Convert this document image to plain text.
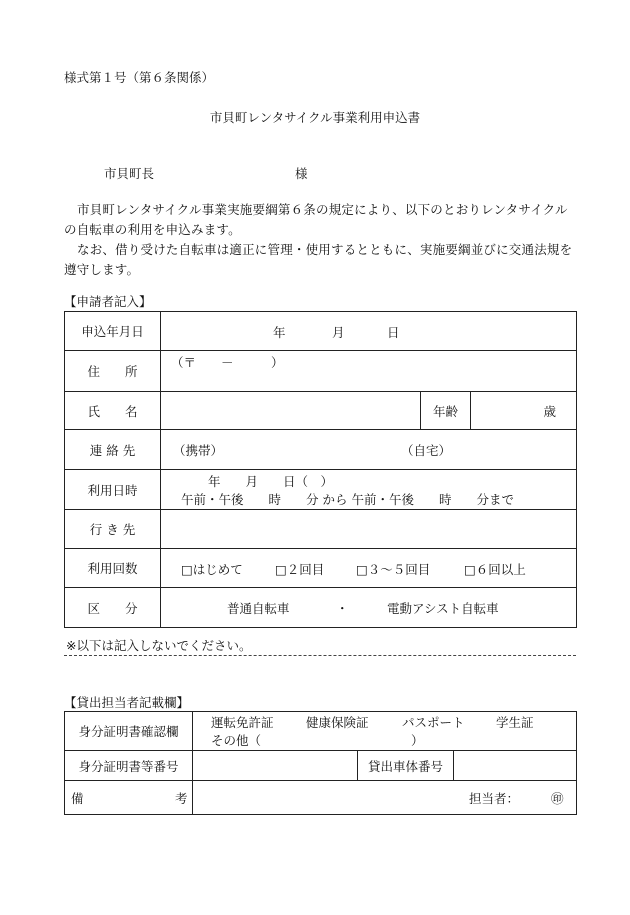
様式第１号（第６条関係）
市貝町レンタサイクル事業利用申込書
市貝町長	様
市貝町レンタサイクル事業実施要綱第６条の規定により、以下のとおりレンタサイクルの自転車の利用を申込みます。
なお、借り受けた自転車は適正に管理・使用するとともに、実施要綱並びに交通法規を遵守します。
【申請者記入】
申込年月日	年 月 日		

住　　所	（〒　　－　　　）		

氏　　名		年齢	歳
連 絡 先	（携帯） （自宅）		

利用日時	年　　月　　日（　）
午前・午後　　時　　分 から 午前・午後　　時　　分まで		

行 き 先			
利用回数	□はじめて □２回目 □３～５回目 □６回以上		

区　　分	普通自転車 ・ 電動アシスト自転車		
※以下は記入しないでください。
【貸出担当者記載欄】
身分証明書確認欄	運転免許証 健康保険証 パスポート 学生証
その他（　　　　　　　　　　　　）		

身分証明書等番号		貸出車体番号	

備 考	担当者： ㊞		
